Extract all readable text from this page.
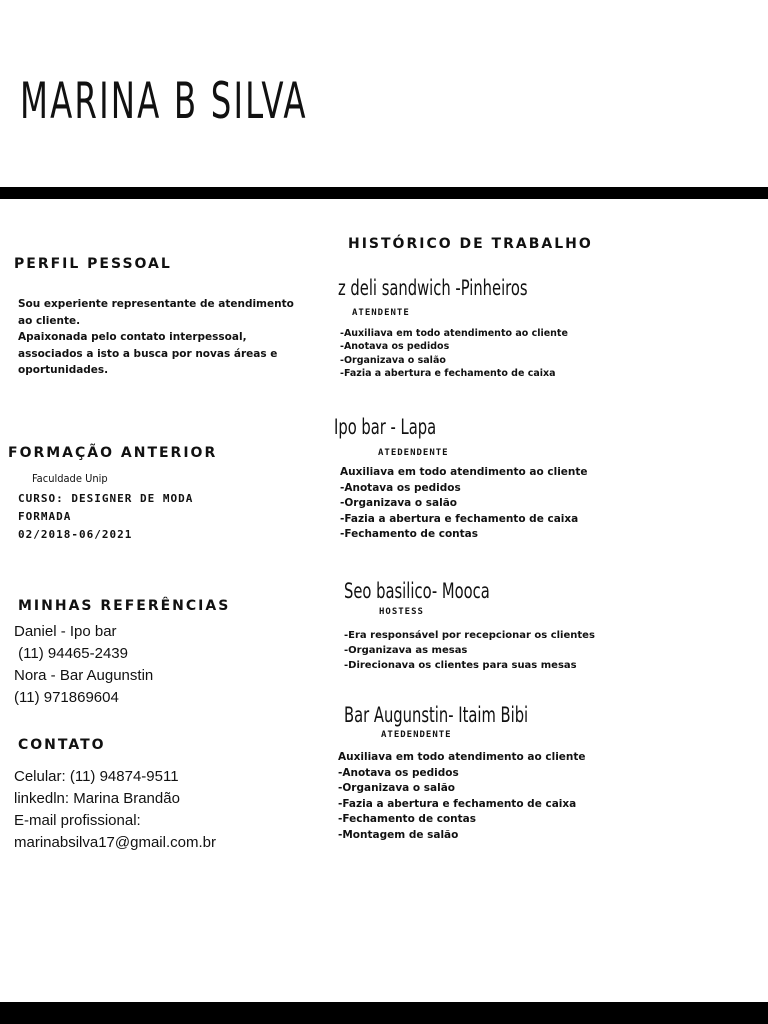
MARINA B SILVA
PERFIL PESSOAL

Sou experiente representante de atendimento
ao cliente.
Apaixonada pelo contato interpessoal,
associados a isto a busca por novas áreas e
oportunidades.

FORMAÇÃO ANTERIOR
Faculdade Unip
CURSO: DESIGNER DE MODA
FORMADA
02/2018-06/2021
MINHAS REFERÊNCIAS

Daniel - Ipo bar
(11) 94465-2439
Nora - Bar Augunstin
(11) 971869604

CONTATO

Celular: (11) 94874-9511
linkedln: Marina Brandão
E-mail profissional:
marinabsilva17@gmail.com.br

HISTÓRICO DE TRABALHO
z deli sandwich -Pinheiros
ATENDENTE

-Auxiliava em todo atendimento ao cliente
-Anotava os pedidos
-Organizava o salão
-Fazia a abertura e fechamento de caixa

Ipo bar - Lapa
ATEDENDENTE

Auxiliava em todo atendimento ao cliente
-Anotava os pedidos
-Organizava o salão
-Fazia a abertura e fechamento de caixa
-Fechamento de contas

Seo basilico- Mooca
HOSTESS

-Era responsável por recepcionar os clientes
-Organizava as mesas
-Direcionava os clientes para suas mesas

Bar Augunstin- Itaim Bibi
ATEDENDENTE

Auxiliava em todo atendimento ao cliente
-Anotava os pedidos
-Organizava o salão
-Fazia a abertura e fechamento de caixa
-Fechamento de contas
-Montagem de salão
